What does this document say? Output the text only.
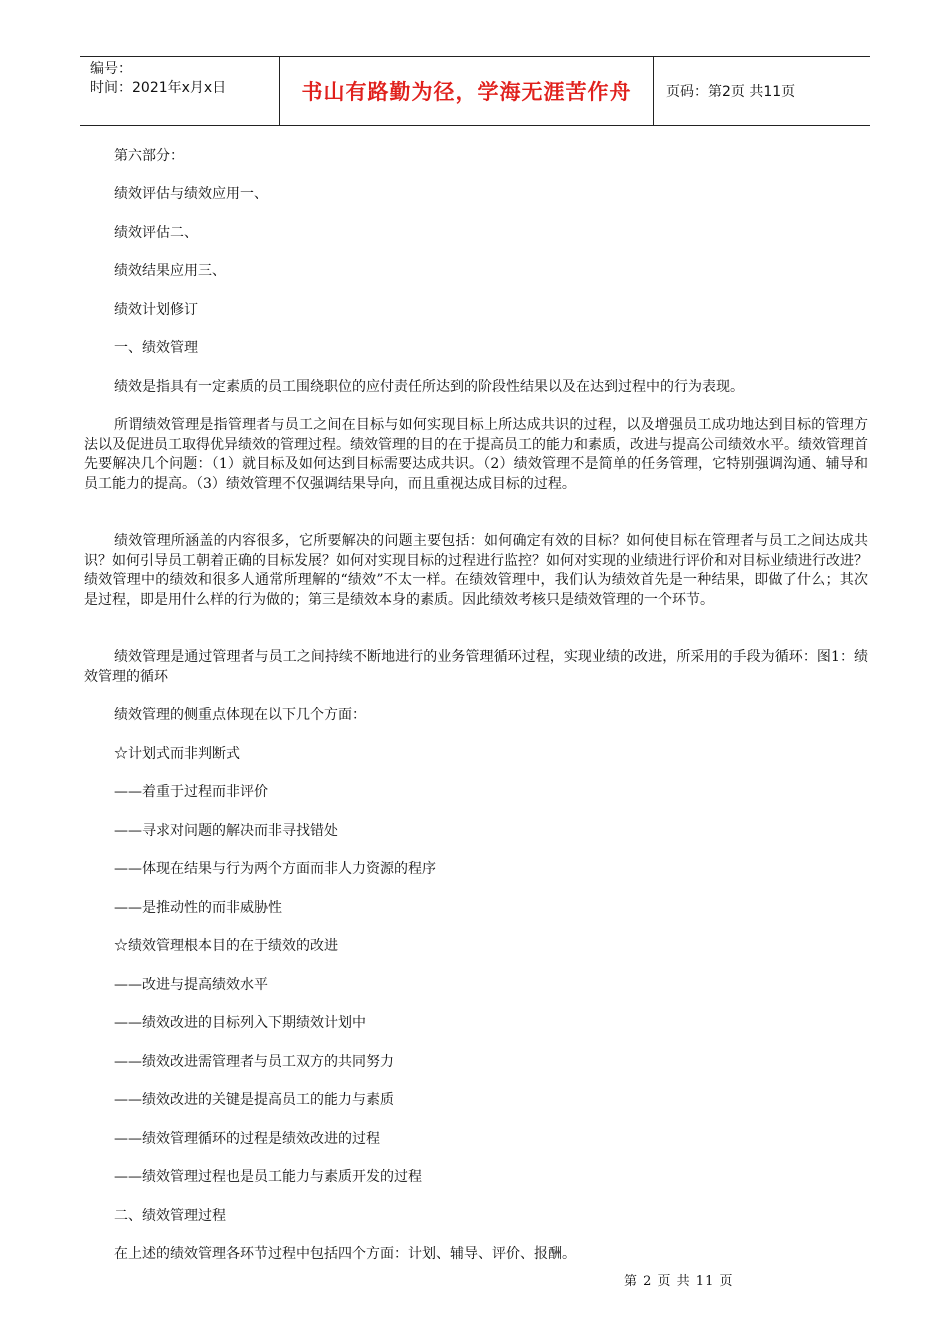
编号：
时间：2021年x月x日	书山有路勤为径，学海无涯苦作舟	页码：第2页 共11页

第六部分：

绩效评估与绩效应用一、

绩效评估二、

绩效结果应用三、

绩效计划修订

一、绩效管理

绩效是指具有一定素质的员工围绕职位的应付责任所达到的阶段性结果以及在达到过程中的行为表现。

所谓绩效管理是指管理者与员工之间在目标与如何实现目标上所达成共识的过程，以及增强员工成功地达到目标的管理方法以及促进员工取得优异绩效的管理过程。绩效管理的目的在于提高员工的能力和素质，改进与提高公司绩效水平。绩效管理首先要解决几个问题：（1）就目标及如何达到目标需要达成共识。（2）绩效管理不是简单的任务管理，它特别强调沟通、辅导和员工能力的提高。（3）绩效管理不仅强调结果导向，而且重视达成目标的过程。

绩效管理所涵盖的内容很多，它所要解决的问题主要包括：如何确定有效的目标？如何使目标在管理者与员工之间达成共识？如何引导员工朝着正确的目标发展？如何对实现目标的过程进行监控？如何对实现的业绩进行评价和对目标业绩进行改进？绩效管理中的绩效和很多人通常所理解的“绩效”不太一样。在绩效管理中，我们认为绩效首先是一种结果，即做了什么；其次是过程，即是用什么样的行为做的；第三是绩效本身的素质。因此绩效考核只是绩效管理的一个环节。

绩效管理是通过管理者与员工之间持续不断地进行的业务管理循环过程，实现业绩的改进，所采用的手段为循环：图1：绩效管理的循环

绩效管理的侧重点体现在以下几个方面：

☆计划式而非判断式

——着重于过程而非评价

——寻求对问题的解决而非寻找错处

——体现在结果与行为两个方面而非人力资源的程序

——是推动性的而非威胁性

☆绩效管理根本目的在于绩效的改进

——改进与提高绩效水平

——绩效改进的目标列入下期绩效计划中

——绩效改进需管理者与员工双方的共同努力

——绩效改进的关键是提高员工的能力与素质

——绩效管理循环的过程是绩效改进的过程

——绩效管理过程也是员工能力与素质开发的过程

二、绩效管理过程

在上述的绩效管理各环节过程中包括四个方面：计划、辅导、评价、报酬。

第 2 页 共 11 页
